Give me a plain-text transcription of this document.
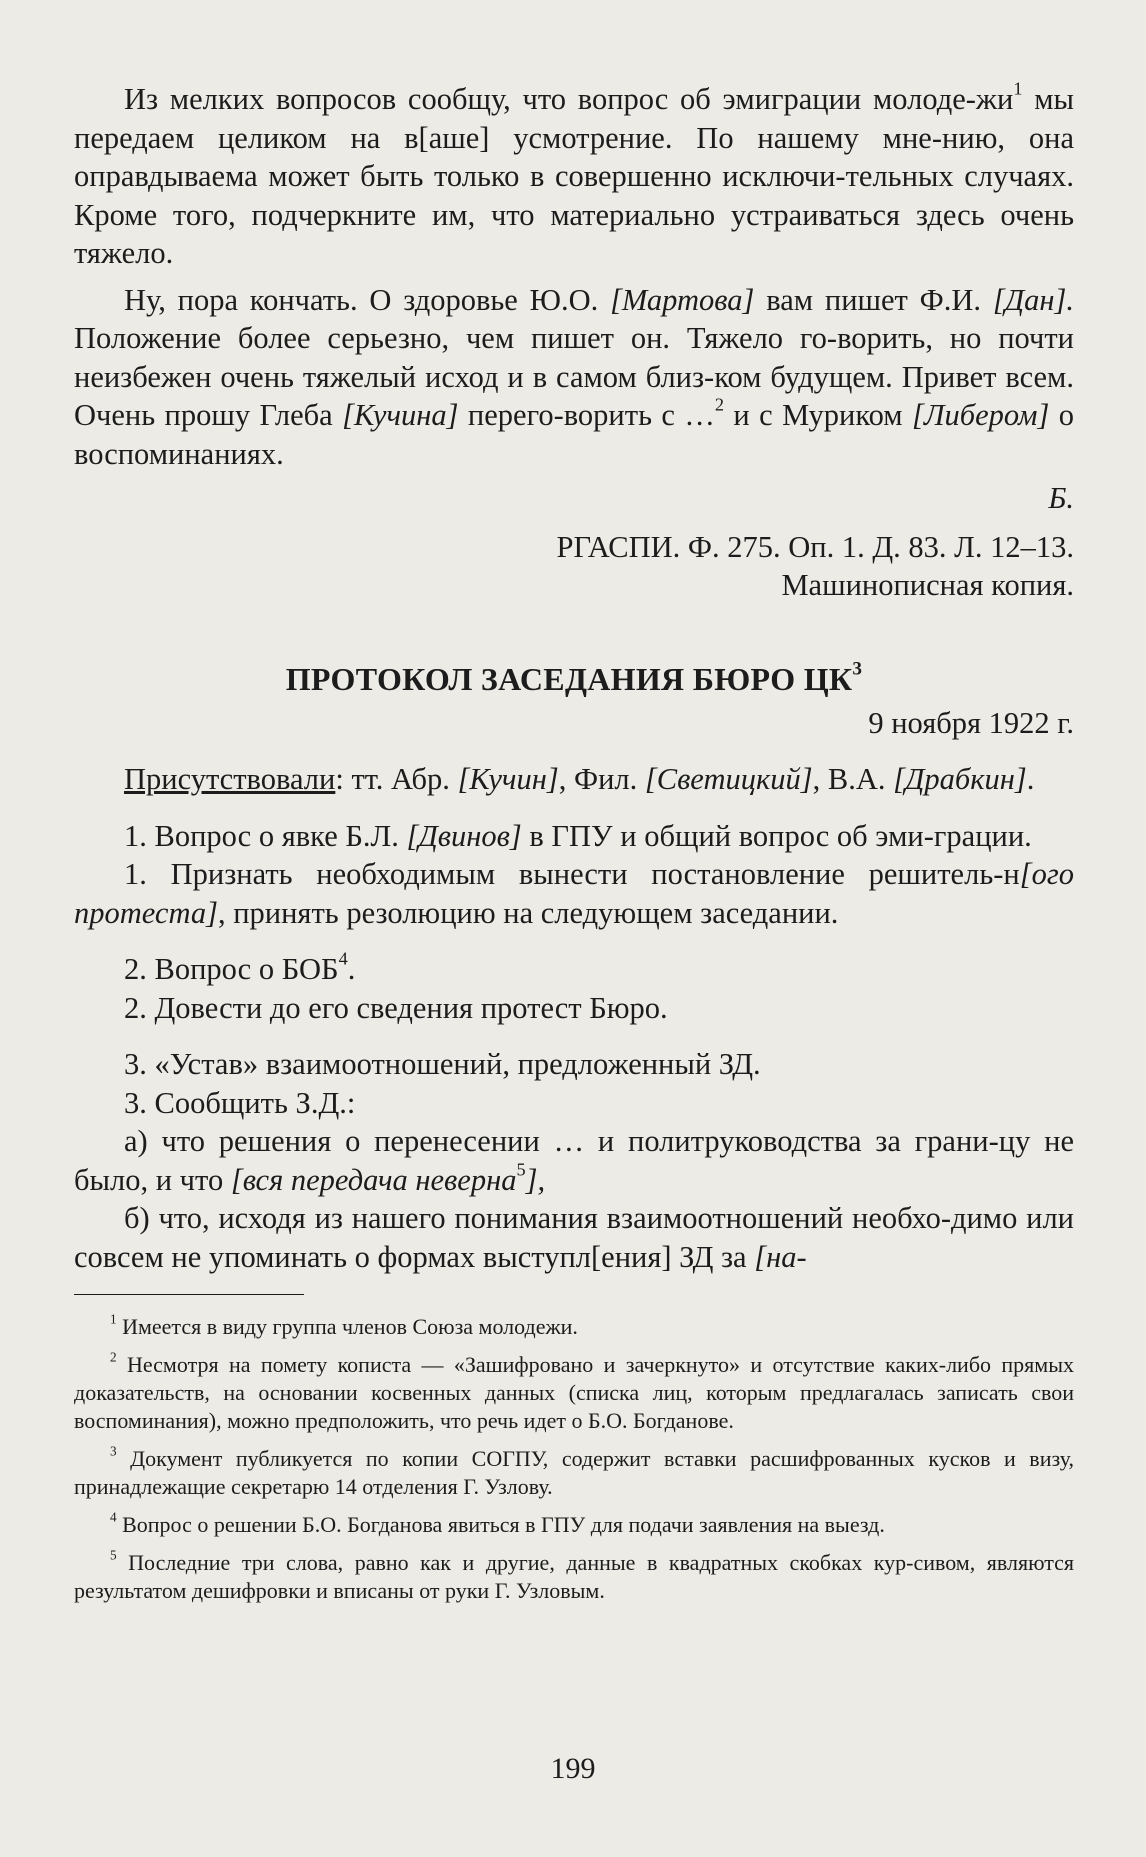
Из мелких вопросов сообщу, что вопрос об эмиграции молоде-$жи^1$ мы передаем целиком на в[аше] усмотрение. По нашему мне-нию, она оправдываема может быть только в совершенно исключи-тельных случаях. Кроме того, подчеркните им, что материально устраиваться здесь очень тяжело.

Ну, пора кончать. О здоровье Ю.О. [Мартова] вам пишет Ф.И. [Дан]. Положение более серьезно, чем пишет он. Тяжело го-ворить, но почти неизбежен очень тяжелый исход и в самом близ-ком будущем. Привет всем. Очень прошу Глеба [Кучина] перего-ворить с …$^2$ и с Муриком [Либером] о воспоминаниях.

Б.

РГАСПИ. Ф. 275. Оп. 1. Д. 83. Л. 12–13.

Машинописная копия.

ПРОТОКОЛ ЗАСЕДАНИЯ БЮРО $ЦК^3$

9 ноября 1922 г.

Присутствовали: тт. Абр. [Кучин], Фил. [Светицкий], В.А. [Драбкин].

1. Вопрос о явке Б.Л. [Двинов] в ГПУ и общий вопрос об эми-грации.

1. Признать необходимым вынести постановление решитель-н[ого протеста], принять резолюцию на следующем заседании.

2. Вопрос о БОБ$^4$.

2. Довести до его сведения протест Бюро.

3. «Устав» взаимоотношений, предложенный ЗД.

3. Сообщить З.Д.:

а) что решения о перенесении … и политруководства за грани-цу не было, и что [вся передача неверна$^5$],

б) что, исходя из нашего понимания взаимоотношений необхо-димо или совсем не упоминать о формах выступл[ения] ЗД за [на-

$^1$ Имеется в виду группа членов Союза молодежи.

$^2$ Несмотря на помету кописта — «Зашифровано и зачеркнуто» и отсутствие каких-либо прямых доказательств, на основании косвенных данных (списка лиц, которым предлагалась записать свои воспоминания), можно предположить, что речь идет о Б.О. Богданове.

$^3$ Документ публикуется по копии СОГПУ, содержит вставки расшифрованных кусков и визу, принадлежащие секретарю 14 отделения Г. Узлову.

$^4$ Вопрос о решении Б.О. Богданова явиться в ГПУ для подачи заявления на выезд.

$^5$ Последние три слова, равно как и другие, данные в квадратных скобках кур-сивом, являются результатом дешифровки и вписаны от руки Г. Узловым.

199
